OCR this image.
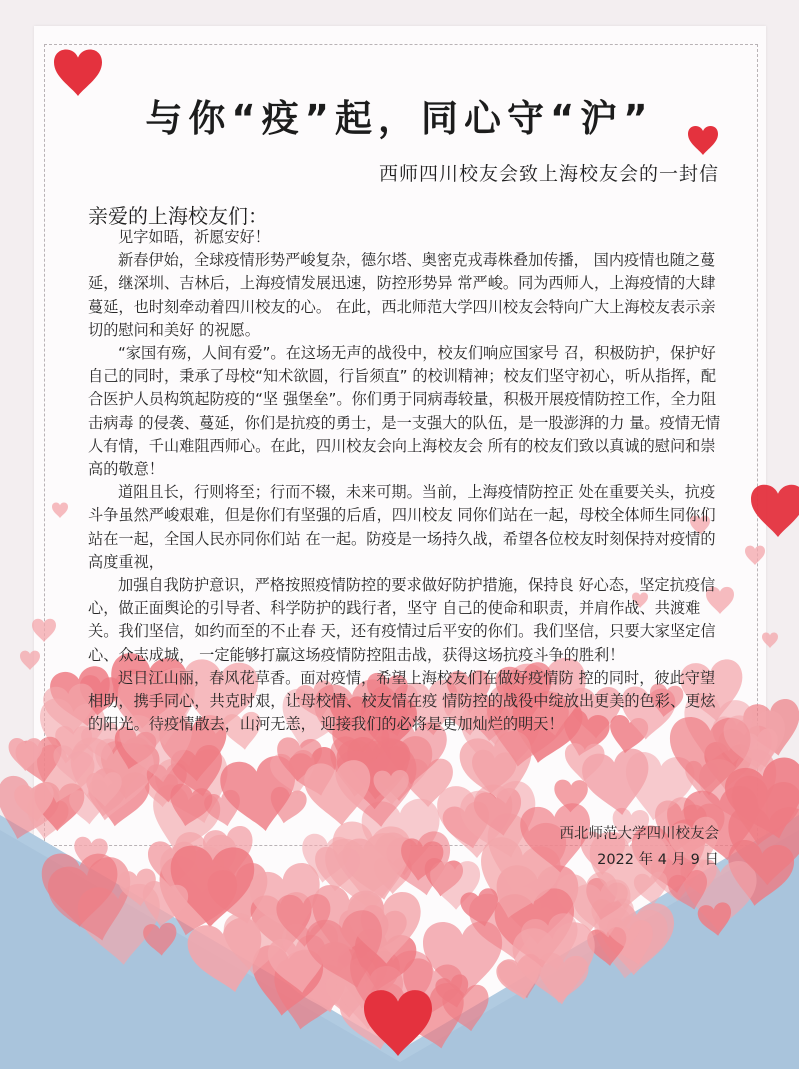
与你“疫”起，同心守“沪”
西师四川校友会致上海校友会的一封信
亲爱的上海校友们：

见字如晤，祈愿安好！

新春伊始，全球疫情形势严峻复杂，德尔塔、奥密克戎毒株叠加传播， 国内疫情也随之蔓延，继深圳、吉林后，上海疫情发展迅速，防控形势异 常严峻。同为西师人，上海疫情的大肆蔓延，也时刻牵动着四川校友的心。 在此，西北师范大学四川校友会特向广大上海校友表示亲切的慰问和美好 的祝愿。

“家国有殇，人间有爱”。在这场无声的战役中，校友们响应国家号 召，积极防护，保护好自己的同时，秉承了母校“知术欲圆，行旨须直” 的校训精神；校友们坚守初心，听从指挥，配合医护人员构筑起防疫的“坚 强堡垒”。你们勇于同病毒较量，积极开展疫情防控工作，全力阻击病毒 的侵袭、蔓延，你们是抗疫的勇士，是一支强大的队伍，是一股澎湃的力 量。疫情无情人有情，千山难阻西师心。在此，四川校友会向上海校友会 所有的校友们致以真诚的慰问和崇高的敬意！

道阻且长，行则将至；行而不辍，未来可期。当前，上海疫情防控正 处在重要关头，抗疫斗争虽然严峻艰难，但是你们有坚强的后盾，四川校友 同你们站在一起，母校全体师生同你们站在一起，全国人民亦同你们站 在一起。防疫是一场持久战，希望各位校友时刻保持对疫情的高度重视，

加强自我防护意识，严格按照疫情防控的要求做好防护措施，保持良 好心态，坚定抗疫信心，做正面舆论的引导者、科学防护的践行者，坚守 自己的使命和职责，并肩作战、共渡难关。我们坚信，如约而至的不止春 天，还有疫情过后平安的你们。我们坚信，只要大家坚定信心、众志成城， 一定能够打赢这场疫情防控阻击战，获得这场抗疫斗争的胜利！

迟日江山丽，春风花草香。面对疫情，希望上海校友们在做好疫情防 控的同时，彼此守望相助，携手同心，共克时艰，让母校情、校友情在疫 情防控的战役中绽放出更美的色彩、更炫的阳光。待疫情散去，山河无恙， 迎接我们的必将是更加灿烂的明天！

西北师范大学四川校友会
2022 年 4 月 9 日
